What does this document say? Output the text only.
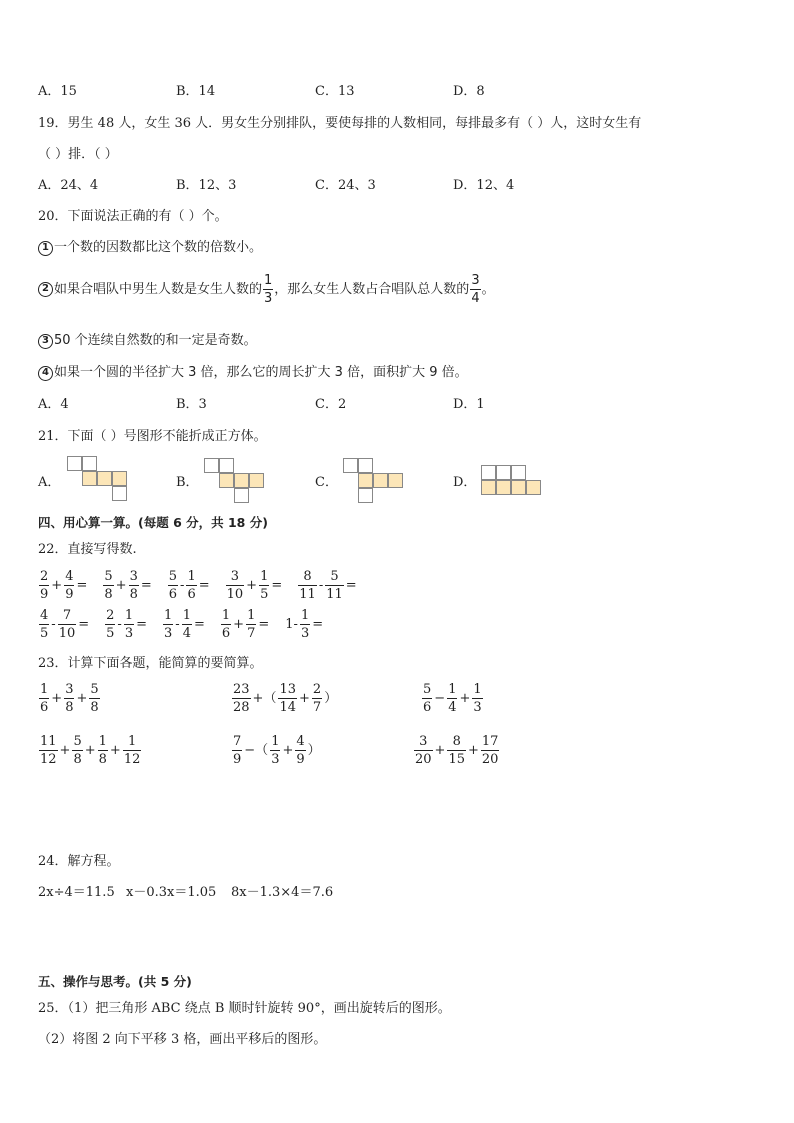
A．15	B．14	C．13	D．8
19．男生 48 人，女生 36 人．男女生分别排队，要使每排的人数相同，每排最多有（ ）人，这时女生有
（ ）排．（ ）
A．24、4	B．12、3	C．24、3	D．12、4
20．下面说法正确的有（ ）个。
1 一个数的因数都比这个数的倍数小。
2 如果合唱队中男生人数是女生人数的 $\frac{1}{3}$ ，那么女生人数占合唱队总人数的 $\frac{3}{4}$ 。
3 50 个连续自然数的和一定是奇数。
4 如果一个圆的半径扩大 3 倍，那么它的周长扩大 3 倍，面积扩大 9 倍。
A．4	B．3	C．2	D．1
21．下面（ ）号图形不能折成正方体。
A．	B．	C．	D．
四、用心算一算。(每题 6 分，共 18 分)
22．直接写得数.
$\frac{2}{9} + \frac{4}{9} = \frac{5}{8} + \frac{3}{8} = \frac{5}{6} - \frac{1}{6} = \frac{3}{10} + \frac{1}{5} = \frac{8}{11} - \frac{5}{11}$ =
$\frac{4}{5} - \frac{7}{10} = \frac{2}{5} - \frac{1}{3} = \frac{1}{3} - \frac{1}{4} = \frac{1}{6} + \frac{1}{7} = 1- \frac{1}{3}$ =
23．计算下面各题，能简算的要简算。
$\frac{1}{6} + \frac{3}{8} + \frac{5}{8}$	$\frac{23}{28}$ +（ $\frac{13}{14} + \frac{2}{7}$ ）	$\frac{5}{6} - \frac{1}{4} + \frac{1}{3}$
$\frac{11}{12} + \frac{5}{8} + \frac{1}{8} + \frac{1}{12}$	$\frac{7}{9}$ −（ $\frac{1}{3} + \frac{4}{9}$ ）	$\frac{3}{20} + \frac{8}{15} + \frac{17}{20}$
24．解方程。
2x÷4＝11.5 x－0.3x＝1.05 8x－1.3×4＝7.6
五、操作与思考。(共 5 分)
25．（1）把三角形 ABC 绕点 B 顺时针旋转 90°，画出旋转后的图形。
（2）将图 2 向下平移 3 格，画出平移后的图形。
